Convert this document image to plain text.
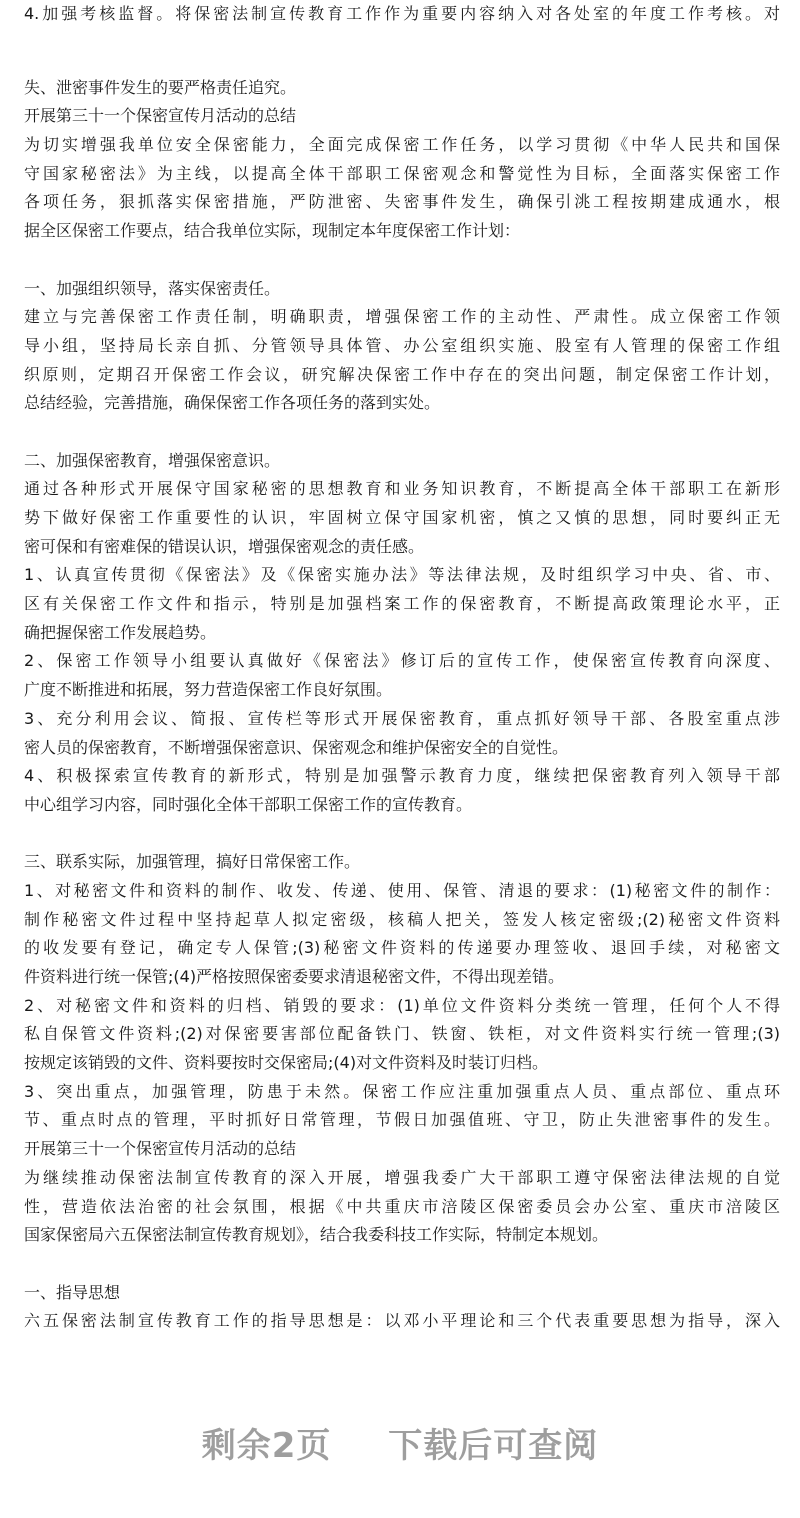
4.加强考核监督。将保密法制宣传教育工作作为重要内容纳入对各处室的年度工作考核。对
失、泄密事件发生的要严格责任追究。
开展第三十一个保密宣传月活动的总结
为切实增强我单位安全保密能力，全面完成保密工作任务，以学习贯彻《中华人民共和国保
守国家秘密法》为主线，以提高全体干部职工保密观念和警觉性为目标，全面落实保密工作
各项任务，狠抓落实保密措施，严防泄密、失密事件发生，确保引洮工程按期建成通水，根
据全区保密工作要点，结合我单位实际，现制定本年度保密工作计划：
一、加强组织领导，落实保密责任。
建立与完善保密工作责任制，明确职责，增强保密工作的主动性、严肃性。成立保密工作领
导小组，坚持局长亲自抓、分管领导具体管、办公室组织实施、股室有人管理的保密工作组
织原则，定期召开保密工作会议，研究解决保密工作中存在的突出问题，制定保密工作计划，
总结经验，完善措施，确保保密工作各项任务的落到实处。
二、加强保密教育，增强保密意识。
通过各种形式开展保守国家秘密的思想教育和业务知识教育，不断提高全体干部职工在新形
势下做好保密工作重要性的认识，牢固树立保守国家机密，慎之又慎的思想，同时要纠正无
密可保和有密难保的错误认识，增强保密观念的责任感。
1、认真宣传贯彻《保密法》及《保密实施办法》等法律法规，及时组织学习中央、省、市、
区有关保密工作文件和指示，特别是加强档案工作的保密教育，不断提高政策理论水平，正
确把握保密工作发展趋势。
2、保密工作领导小组要认真做好《保密法》修订后的宣传工作，使保密宣传教育向深度、
广度不断推进和拓展，努力营造保密工作良好氛围。
3、充分利用会议、简报、宣传栏等形式开展保密教育，重点抓好领导干部、各股室重点涉
密人员的保密教育，不断增强保密意识、保密观念和维护保密安全的自觉性。
4、积极探索宣传教育的新形式，特别是加强警示教育力度，继续把保密教育列入领导干部
中心组学习内容，同时强化全体干部职工保密工作的宣传教育。
三、联系实际，加强管理，搞好日常保密工作。
1、对秘密文件和资料的制作、收发、传递、使用、保管、清退的要求：(1)秘密文件的制作：
制作秘密文件过程中坚持起草人拟定密级，核稿人把关，签发人核定密级;(2)秘密文件资料
的收发要有登记，确定专人保管;(3)秘密文件资料的传递要办理签收、退回手续，对秘密文
件资料进行统一保管;(4)严格按照保密委要求清退秘密文件，不得出现差错。
2、对秘密文件和资料的归档、销毁的要求：(1)单位文件资料分类统一管理，任何个人不得
私自保管文件资料;(2)对保密要害部位配备铁门、铁窗、铁柜，对文件资料实行统一管理;(3)
按规定该销毁的文件、资料要按时交保密局;(4)对文件资料及时装订归档。
3、突出重点，加强管理，防患于未然。保密工作应注重加强重点人员、重点部位、重点环
节、重点时点的管理，平时抓好日常管理，节假日加强值班、守卫，防止失泄密事件的发生。
开展第三十一个保密宣传月活动的总结
为继续推动保密法制宣传教育的深入开展，增强我委广大干部职工遵守保密法律法规的自觉
性，营造依法治密的社会氛围，根据《中共重庆市涪陵区保密委员会办公室、重庆市涪陵区
国家保密局六五保密法制宣传教育规划》，结合我委科技工作实际，特制定本规划。
一、指导思想
六五保密法制宣传教育工作的指导思想是：以邓小平理论和三个代表重要思想为指导，深入
剩余2页 下载后可查阅
